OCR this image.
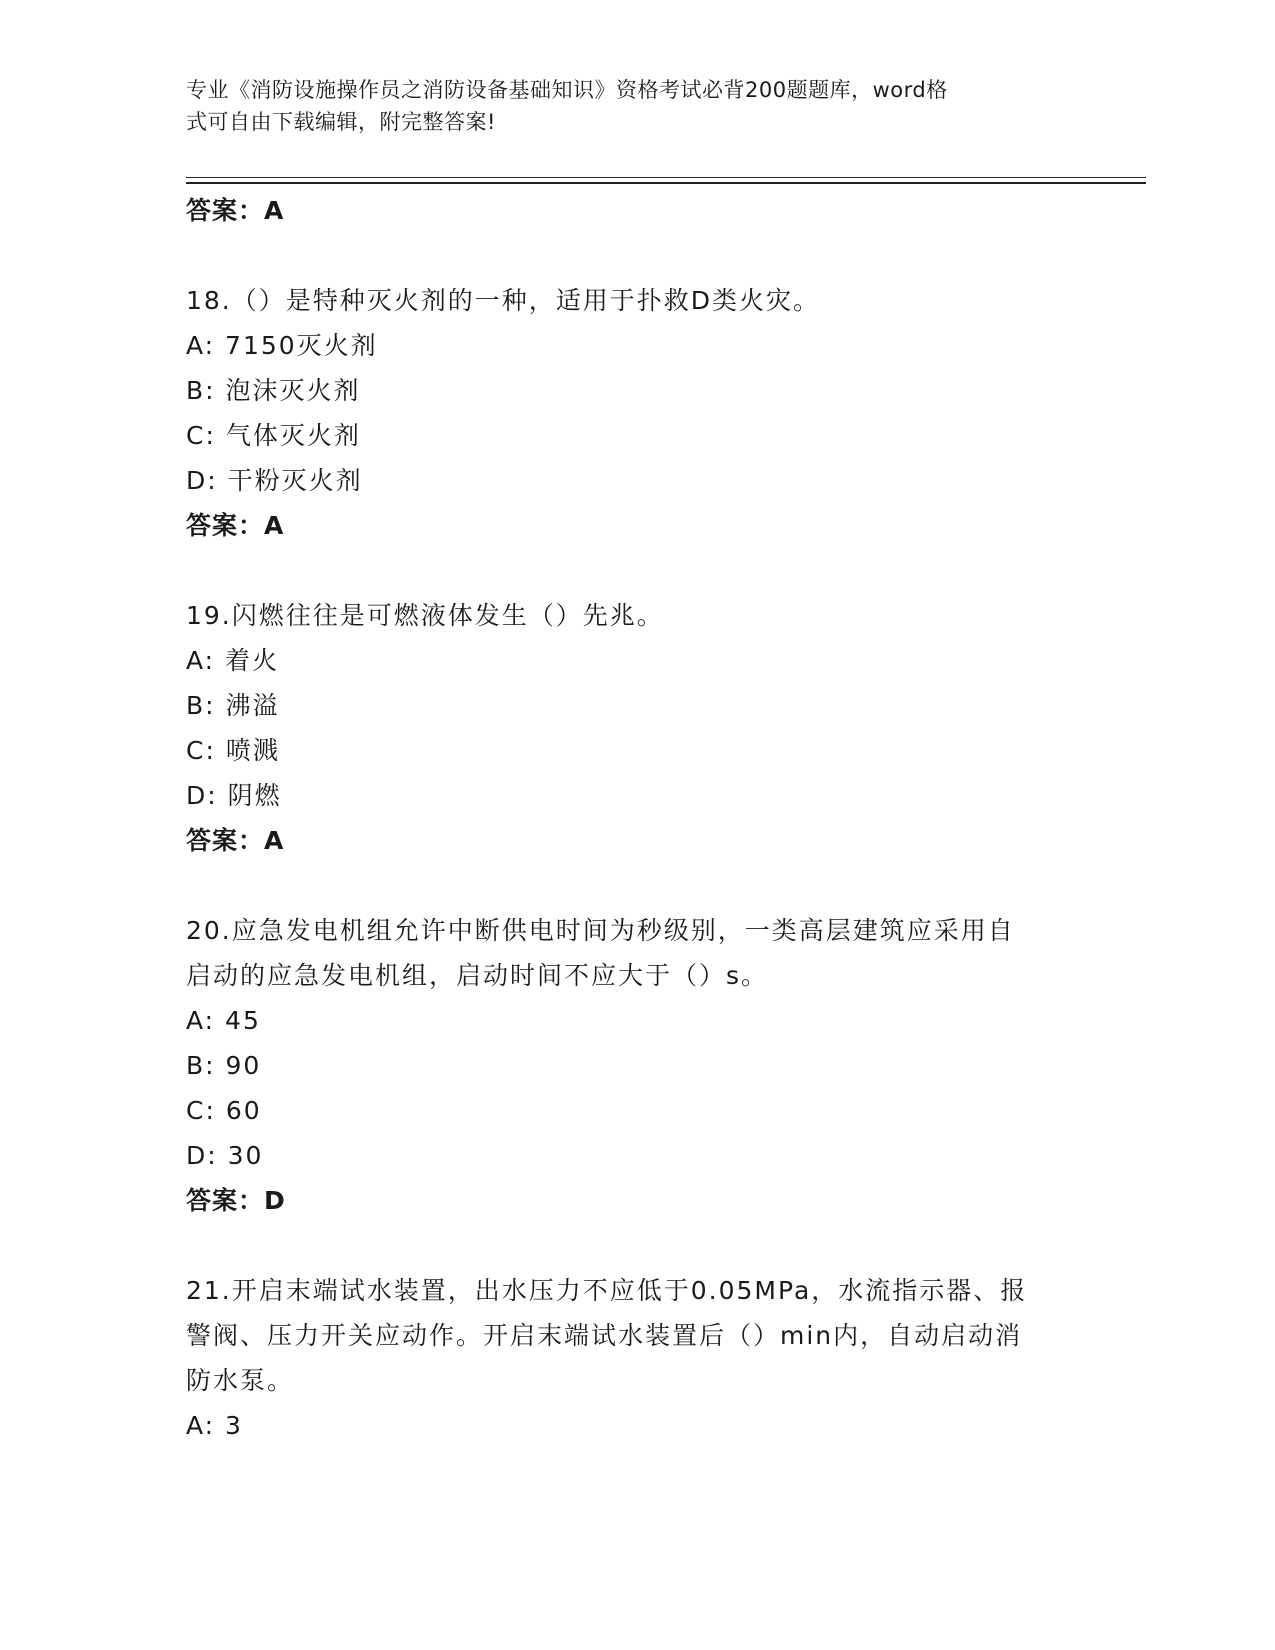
专业《消防设施操作员之消防设备基础知识》资格考试必背200题题库，word格
式可自由下载编辑，附完整答案!
答案：A
18.（）是特种灭火剂的一种，适用于扑救D类火灾。
A: 7150灭火剂
B: 泡沫灭火剂
C: 气体灭火剂
D: 干粉灭火剂
答案：A
19.闪燃往往是可燃液体发生（）先兆。
A: 着火
B: 沸溢
C: 喷溅
D: 阴燃
答案：A
20.应急发电机组允许中断供电时间为秒级别，一类高层建筑应采用自
启动的应急发电机组，启动时间不应大于（）s。
A: 45
B: 90
C: 60
D: 30
答案：D
21.开启末端试水装置，出水压力不应低于0.05MPa，水流指示器、报
警阀、压力开关应动作。开启末端试水装置后（）min内，自动启动消
防水泵。
A: 3
